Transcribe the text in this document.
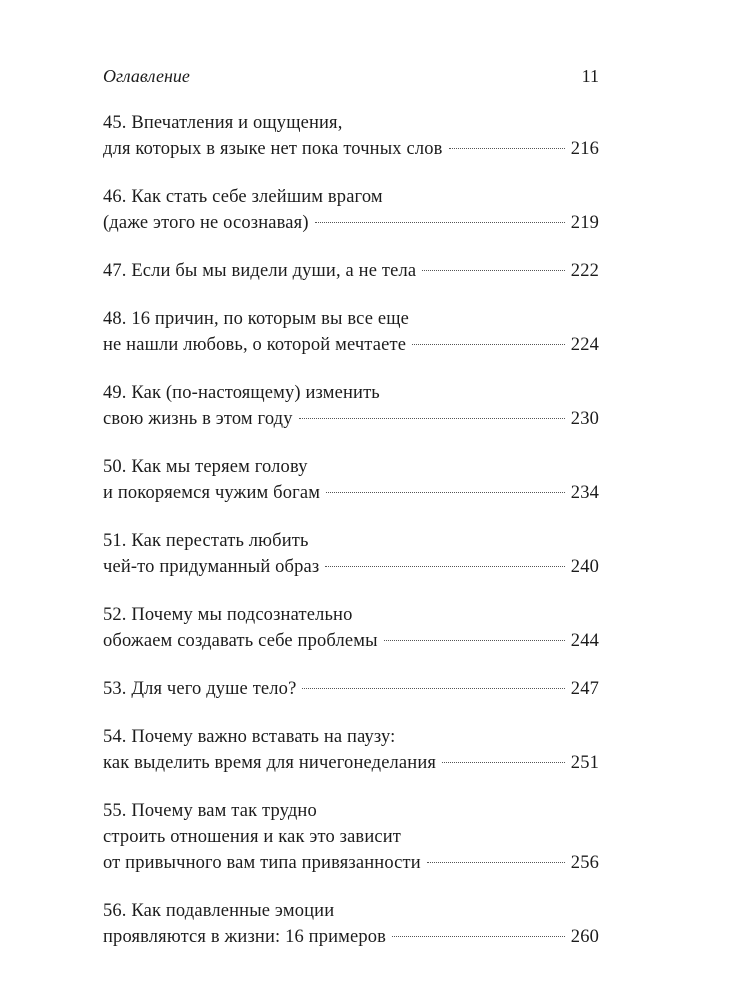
Оглавление	11
45. Впечатления и ощущения,
для которых в языке нет пока точных слов	216
46. Как стать себе злейшим врагом
(даже этого не осознавая)	219
47. Если бы мы видели души, а не тела	222
48. 16 причин, по которым вы все еще
не нашли любовь, о которой мечтаете	224
49. Как (по-настоящему) изменить
свою жизнь в этом году	230
50. Как мы теряем голову
и покоряемся чужим богам	234
51. Как перестать любить
чей-то придуманный образ	240
52. Почему мы подсознательно
обожаем создавать себе проблемы	244
53. Для чего душе тело?	247
54. Почему важно вставать на паузу:
как выделить время для ничегонеделания	251
55. Почему вам так трудно
строить отношения и как это зависит
от привычного вам типа привязанности	256
56. Как подавленные эмоции
проявляются в жизни: 16 примеров	260
